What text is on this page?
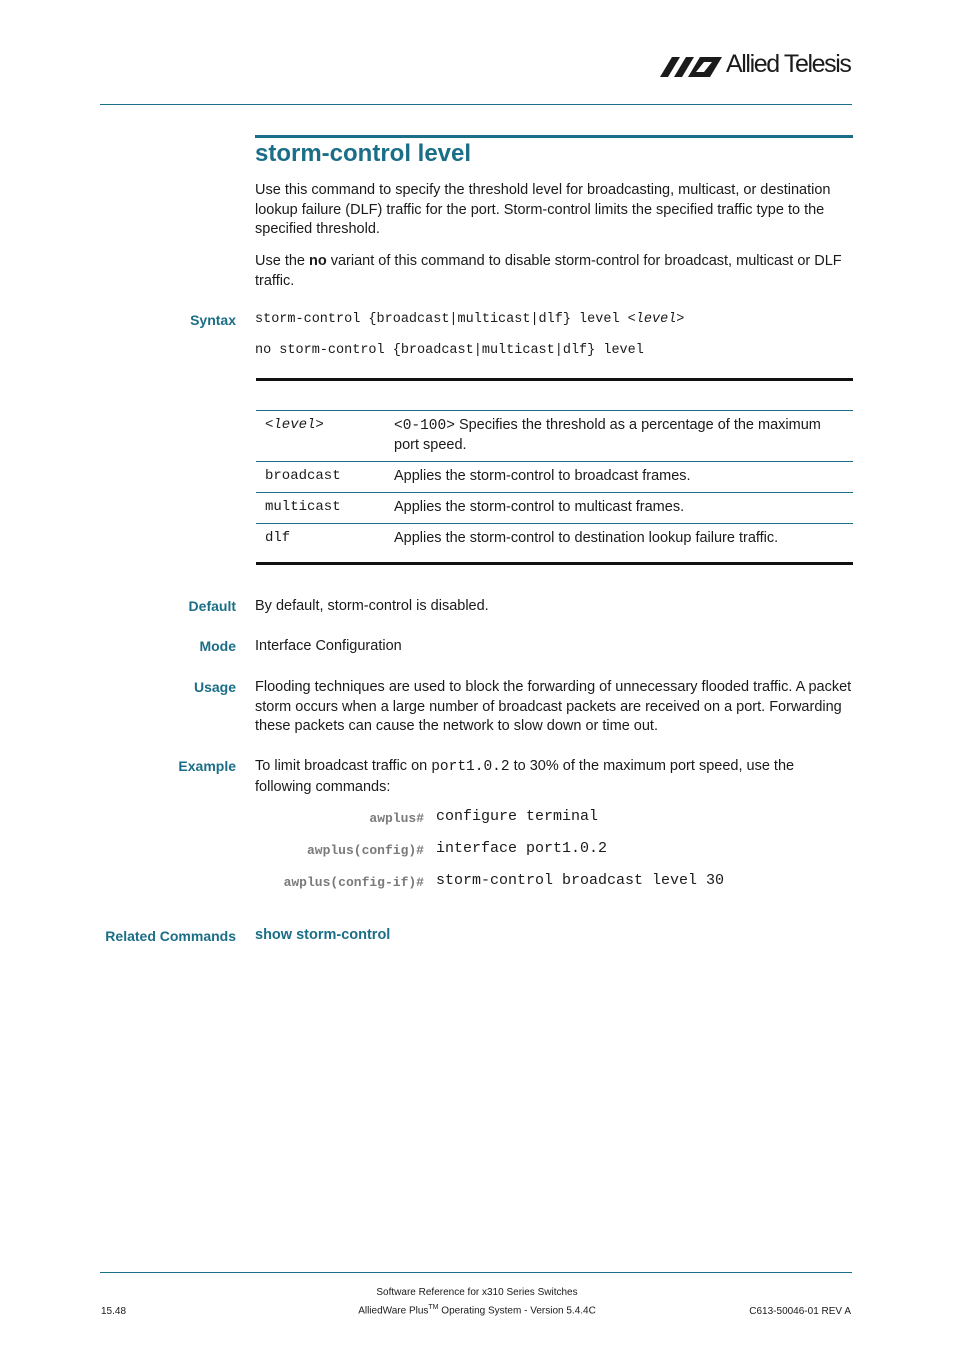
Allied Telesis
storm-control level
Use this command to specify the threshold level for broadcasting, multicast, or destination lookup failure (DLF) traffic for the port. Storm-control limits the specified traffic type to the specified threshold.
Use the no variant of this command to disable storm-control for broadcast, multicast or DLF traffic.
Syntax storm-control {broadcast|multicast|dlf} level <level>
no storm-control {broadcast|multicast|dlf} level
<level>	<0-100> Specifies the threshold as a percentage of the maximum port speed.
broadcast	Applies the storm-control to broadcast frames.
multicast	Applies the storm-control to multicast frames.
dlf	Applies the storm-control to destination lookup failure traffic.
Default By default, storm-control is disabled.
Mode Interface Configuration
Usage Flooding techniques are used to block the forwarding of unnecessary flooded traffic. A packet storm occurs when a large number of broadcast packets are received on a port. Forwarding these packets can cause the network to slow down or time out.
Example To limit broadcast traffic on port1.0.2 to 30% of the maximum port speed, use the following commands:
awplus# configure terminal
awplus(config)# interface port1.0.2
awplus(config-if)# storm-control broadcast level 30
Related Commands show storm-control
Software Reference for x310 Series Switches
15.48	AlliedWare Plus™ Operating System - Version 5.4.4C	C613-50046-01 REV A
